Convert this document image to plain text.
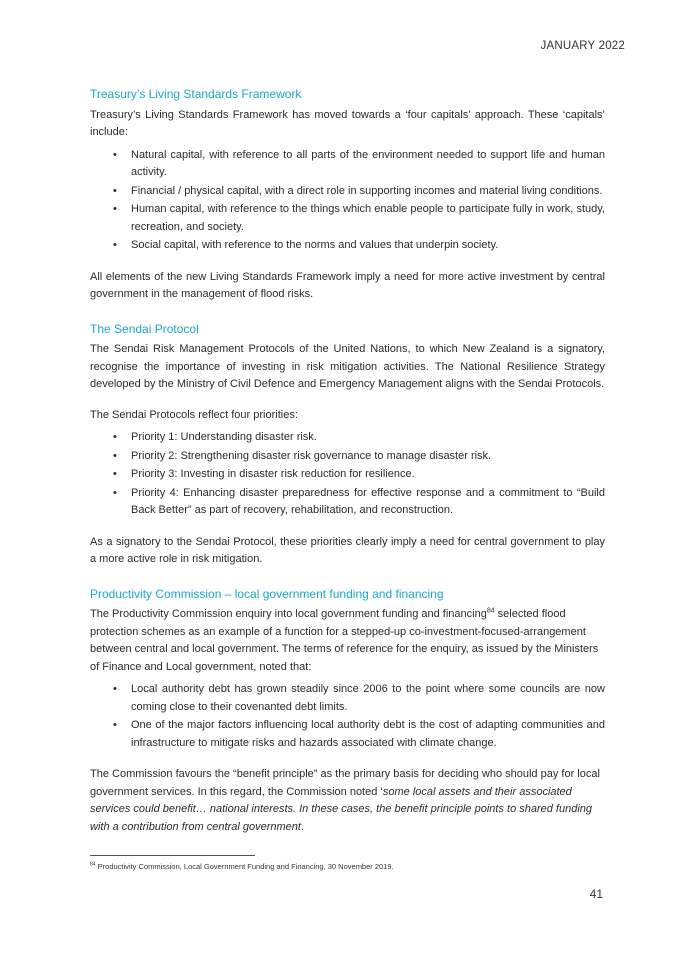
JANUARY 2022
Treasury’s Living Standards Framework

Treasury’s Living Standards Framework has moved towards a ‘four capitals’ approach. These ‘capitals’ include:

• Natural capital, with reference to all parts of the environment needed to support life and human activity.
• Financial / physical capital, with a direct role in supporting incomes and material living conditions.
• Human capital, with reference to the things which enable people to participate fully in work, study, recreation, and society.
• Social capital, with reference to the norms and values that underpin society.

All elements of the new Living Standards Framework imply a need for more active investment by central government in the management of flood risks.

The Sendai Protocol

The Sendai Risk Management Protocols of the United Nations, to which New Zealand is a signatory, recognise the importance of investing in risk mitigation activities. The National Resilience Strategy developed by the Ministry of Civil Defence and Emergency Management aligns with the Sendai Protocols.

The Sendai Protocols reflect four priorities:

• Priority 1: Understanding disaster risk.
• Priority 2: Strengthening disaster risk governance to manage disaster risk.
• Priority 3: Investing in disaster risk reduction for resilience.
• Priority 4: Enhancing disaster preparedness for effective response and a commitment to “Build Back Better” as part of recovery, rehabilitation, and reconstruction.

As a signatory to the Sendai Protocol, these priorities clearly imply a need for central government to play a more active role in risk mitigation.

Productivity Commission – local government funding and financing

The Productivity Commission enquiry into local government funding and financing$^{84}$ selected flood protection schemes as an example of a function for a stepped-up co-investment-focused-arrangement between central and local government. The terms of reference for the enquiry, as issued by the Ministers of Finance and Local government, noted that:

• Local authority debt has grown steadily since 2006 to the point where some councils are now coming close to their covenanted debt limits.
• One of the major factors influencing local authority debt is the cost of adapting communities and infrastructure to mitigate risks and hazards associated with climate change.

The Commission favours the “benefit principle” as the primary basis for deciding who should pay for local government services. In this regard, the Commission noted ‘some local assets and their associated services could benefit… national interests. In these cases, the benefit principle points to shared funding with a contribution from central government.

$^{84}$ Productivity Commission, Local Government Funding and Financing, 30 November 2019.
41
